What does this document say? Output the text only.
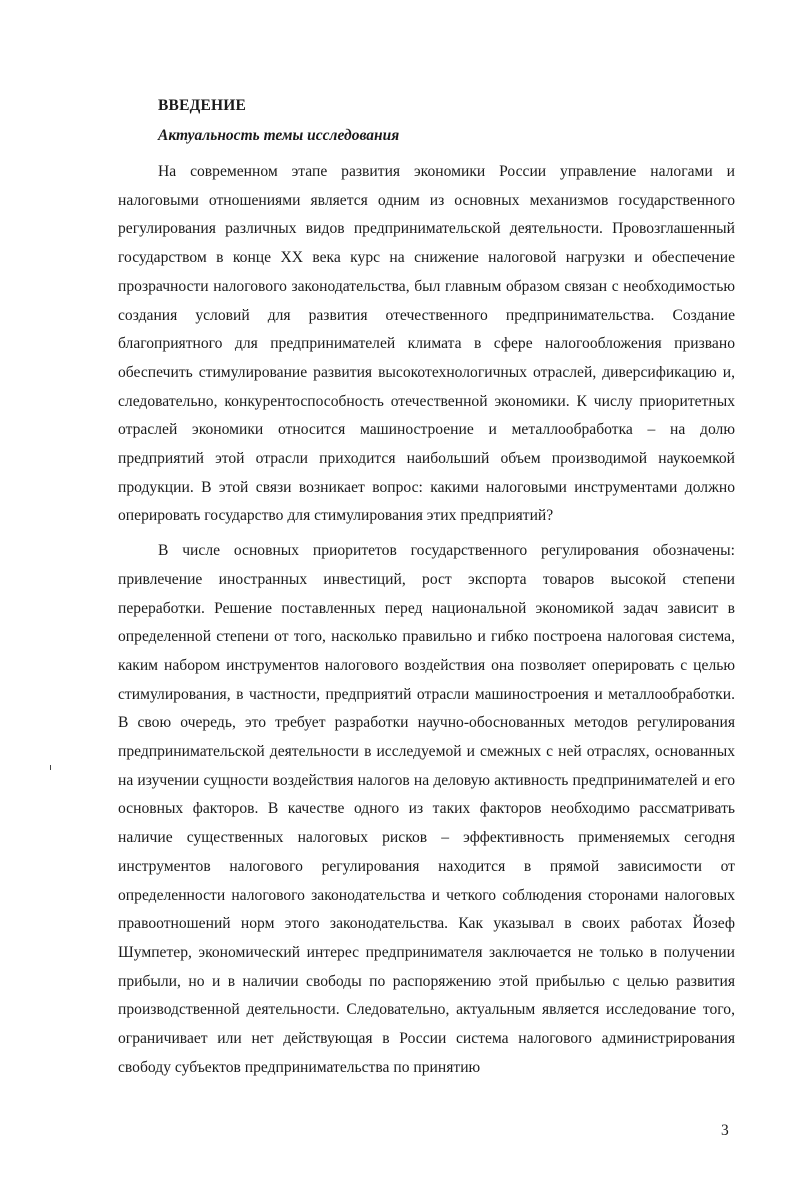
ВВЕДЕНИЕ
Актуальность темы исследования

На современном этапе развития экономики России управление налогами и налоговыми отношениями является одним из основных механизмов государственного регулирования различных видов предпринимательской деятельности. Провозглашенный государством в конце XX века курс на снижение налоговой нагрузки и обеспечение прозрачности налогового законодательства, был главным образом связан с необходимостью создания условий для развития отечественного предпринимательства. Создание благоприятного для предпринимателей климата в сфере налогообложения призвано обеспечить стимулирование развития высокотехнологичных отраслей, диверсификацию и, следовательно, конкурентоспособность отечественной экономики. К числу приоритетных отраслей экономики относится машиностроение и металлообработка – на долю предприятий этой отрасли приходится наибольший объем производимой наукоемкой продукции. В этой связи возникает вопрос: какими налоговыми инструментами должно оперировать государство для стимулирования этих предприятий?

В числе основных приоритетов государственного регулирования обозначены: привлечение иностранных инвестиций, рост экспорта товаров высокой степени переработки. Решение поставленных перед национальной экономикой задач зависит в определенной степени от того, насколько правильно и гибко построена налоговая система, каким набором инструментов налогового воздействия она позволяет оперировать с целью стимулирования, в частности, предприятий отрасли машиностроения и металлообработки. В свою очередь, это требует разработки научно-обоснованных методов регулирования предпринимательской деятельности в исследуемой и смежных с ней отраслях, основанных на изучении сущности воздействия налогов на деловую активность предпринимателей и его основных факторов. В качестве одного из таких факторов необходимо рассматривать наличие существенных налоговых рисков – эффективность применяемых сегодня инструментов налогового регулирования находится в прямой зависимости от определенности налогового законодательства и четкого соблюдения сторонами налоговых правоотношений норм этого законодательства. Как указывал в своих работах Йозеф Шумпетер, экономический интерес предпринимателя заключается не только в получении прибыли, но и в наличии свободы по распоряжению этой прибылью с целью развития производственной деятельности. Следовательно, актуальным является исследование того, ограничивает или нет действующая в России система налогового администрирования свободу субъектов предпринимательства по принятию

3
